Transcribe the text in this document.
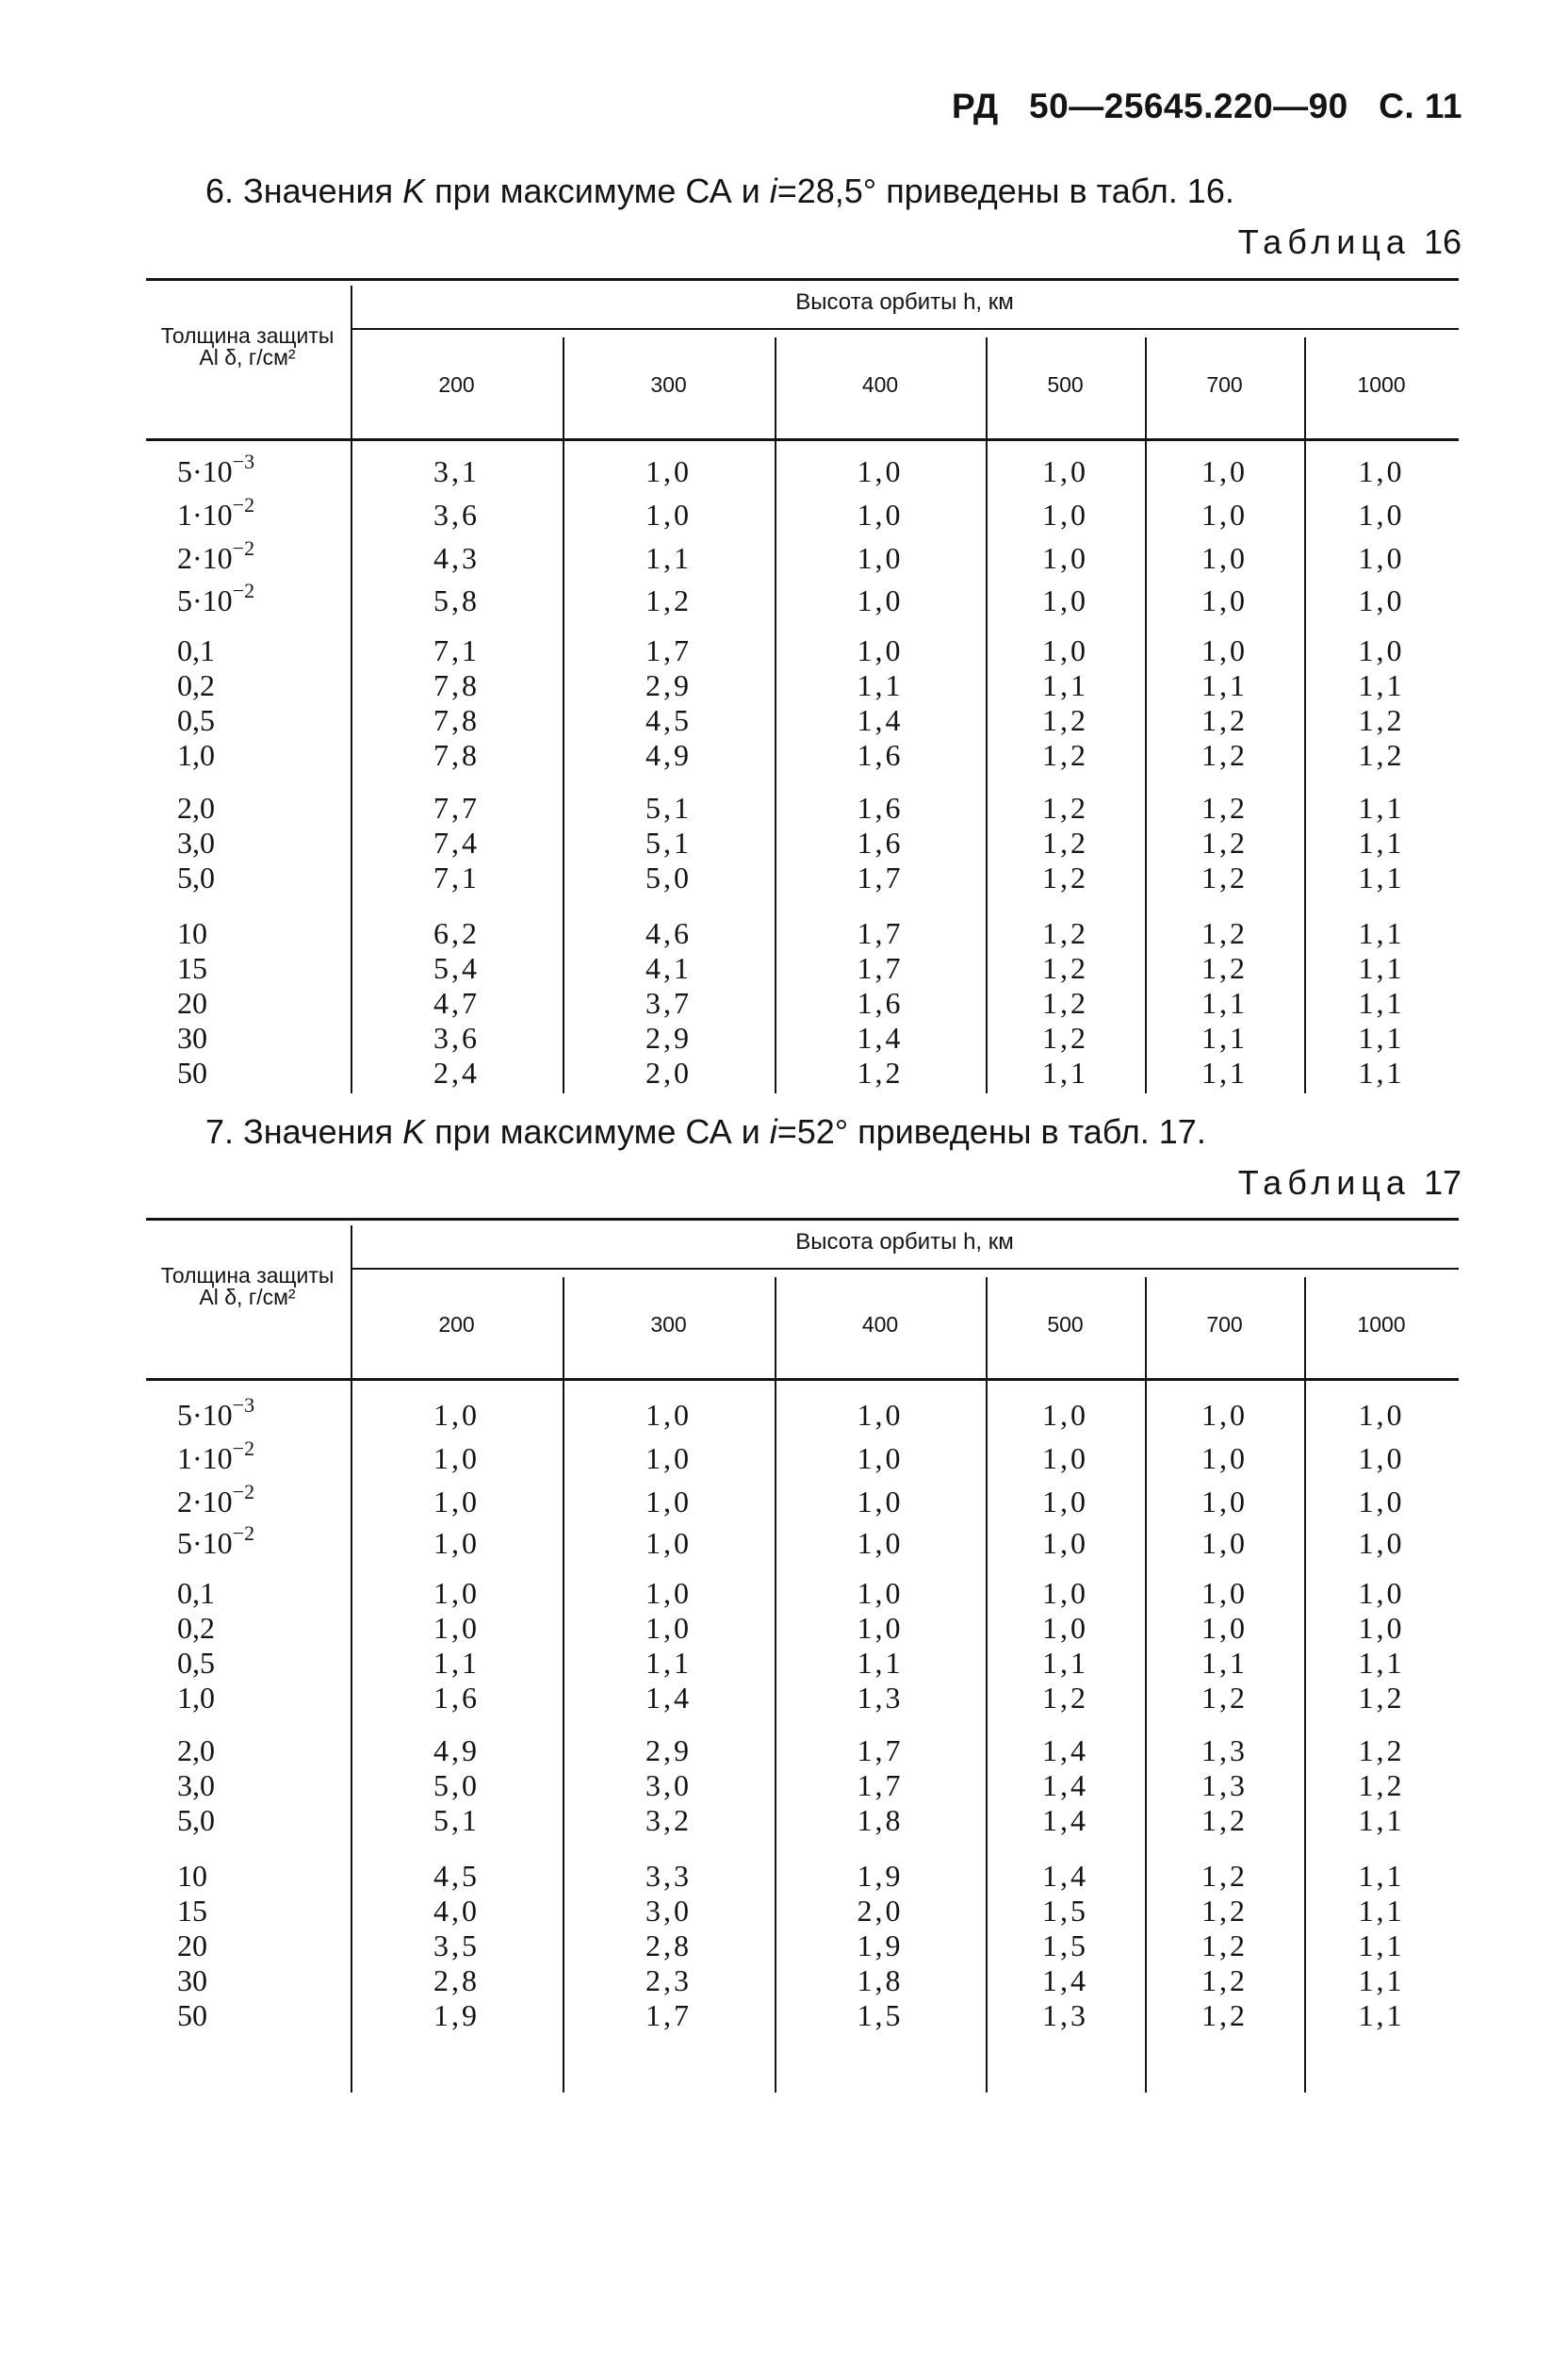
РД   50—25645.220—90   С. 11
6. Значения K при максимуме СА и i=28,5° приведены в табл. 16.
Таблица 16
Толщина защиты Al δ, г/см²
Высота орбиты h, км
200	300	400	500	700	1000
$5\cdot 10^{-3}$	3,1	1,0	1,0	1,0	1,0	1,0
$1\cdot 10^{-2}$	3,6	1,0	1,0	1,0	1,0	1,0
$2\cdot 10^{-2}$	4,3	1,1	1,0	1,0	1,0	1,0
$5\cdot 10^{-2}$	5,8	1,2	1,0	1,0	1,0	1,0
0,1	7,1	1,7	1,0	1,0	1,0	1,0
0,2	7,8	2,9	1,1	1,1	1,1	1,1
0,5	7,8	4,5	1,4	1,2	1,2	1,2
1,0	7,8	4,9	1,6	1,2	1,2	1,2
2,0	7,7	5,1	1,6	1,2	1,2	1,1
3,0	7,4	5,1	1,6	1,2	1,2	1,1
5,0	7,1	5,0	1,7	1,2	1,2	1,1
10	6,2	4,6	1,7	1,2	1,2	1,1
15	5,4	4,1	1,7	1,2	1,2	1,1
20	4,7	3,7	1,6	1,2	1,1	1,1
30	3,6	2,9	1,4	1,2	1,1	1,1
50	2,4	2,0	1,2	1,1	1,1	1,1
7. Значения K при максимуме СА и i=52° приведены в табл. 17.
Таблица 17
Толщина защиты Al δ, г/см²
Высота орбиты h, км
200	300	400	500	700	1000
$5\cdot 10^{-3}$	1,0	1,0	1,0	1,0	1,0	1,0
$1\cdot 10^{-2}$	1,0	1,0	1,0	1,0	1,0	1,0
$2\cdot 10^{-2}$	1,0	1,0	1,0	1,0	1,0	1,0
$5\cdot 10^{-2}$	1,0	1,0	1,0	1,0	1,0	1,0
0,1	1,0	1,0	1,0	1,0	1,0	1,0
0,2	1,0	1,0	1,0	1,0	1,0	1,0
0,5	1,1	1,1	1,1	1,1	1,1	1,1
1,0	1,6	1,4	1,3	1,2	1,2	1,2
2,0	4,9	2,9	1,7	1,4	1,3	1,2
3,0	5,0	3,0	1,7	1,4	1,3	1,2
5,0	5,1	3,2	1,8	1,4	1,2	1,1
10	4,5	3,3	1,9	1,4	1,2	1,1
15	4,0	3,0	2,0	1,5	1,2	1,1
20	3,5	2,8	1,9	1,5	1,2	1,1
30	2,8	2,3	1,8	1,4	1,2	1,1
50	1,9	1,7	1,5	1,3	1,2	1,1
